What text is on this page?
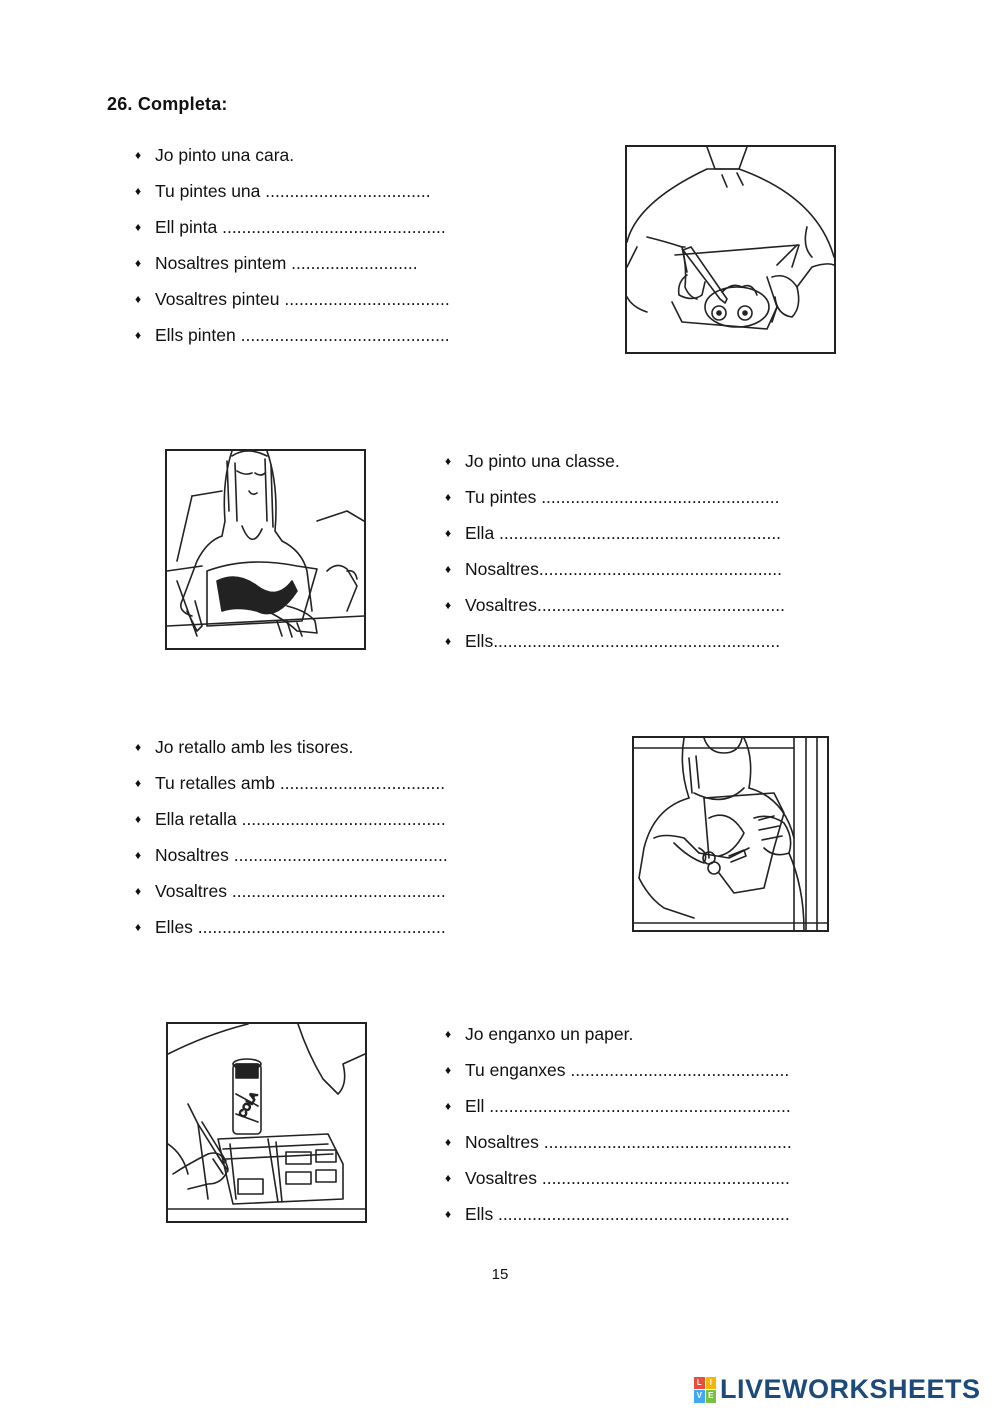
26. Completa:
♦ Jo pinto una cara.
♦ Tu pintes una ..................................
♦ Ell pinta ..............................................
♦ Nosaltres pintem ..........................
♦ Vosaltres pinteu ..................................
♦ Ells pinten ...........................................
♦ Jo pinto una classe.
♦ Tu pintes .................................................
♦ Ella ..........................................................
♦ Nosaltres..................................................
♦ Vosaltres...................................................
♦ Ells...........................................................
♦ Jo retallo amb les tisores.
♦ Tu retalles amb ..................................
♦ Ella retalla ..........................................
♦ Nosaltres ............................................
♦ Vosaltres ............................................
♦ Elles ...................................................
COLA
♦ Jo enganxo un paper.
♦ Tu enganxes .............................................
♦ Ell ..............................................................
♦ Nosaltres ...................................................
♦ Vosaltres ...................................................
♦ Ells ............................................................
15
L I
V E LIVEWORKSHEETS
